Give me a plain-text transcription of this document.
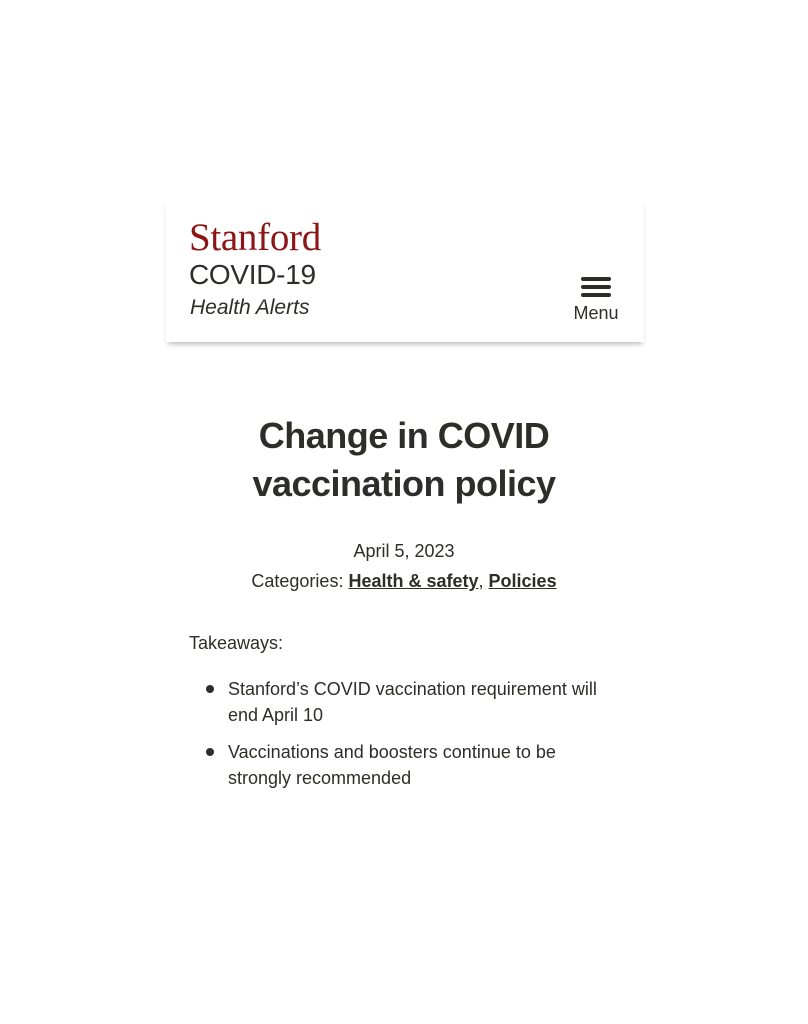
Stanford
COVID-19
Health Alerts	Menu
Change in COVID vaccination policy
April 5, 2023
Categories: Health & safety, Policies
Takeaways:
Stanford’s COVID vaccination requirement will end April 10
Vaccinations and boosters continue to be strongly recommended
